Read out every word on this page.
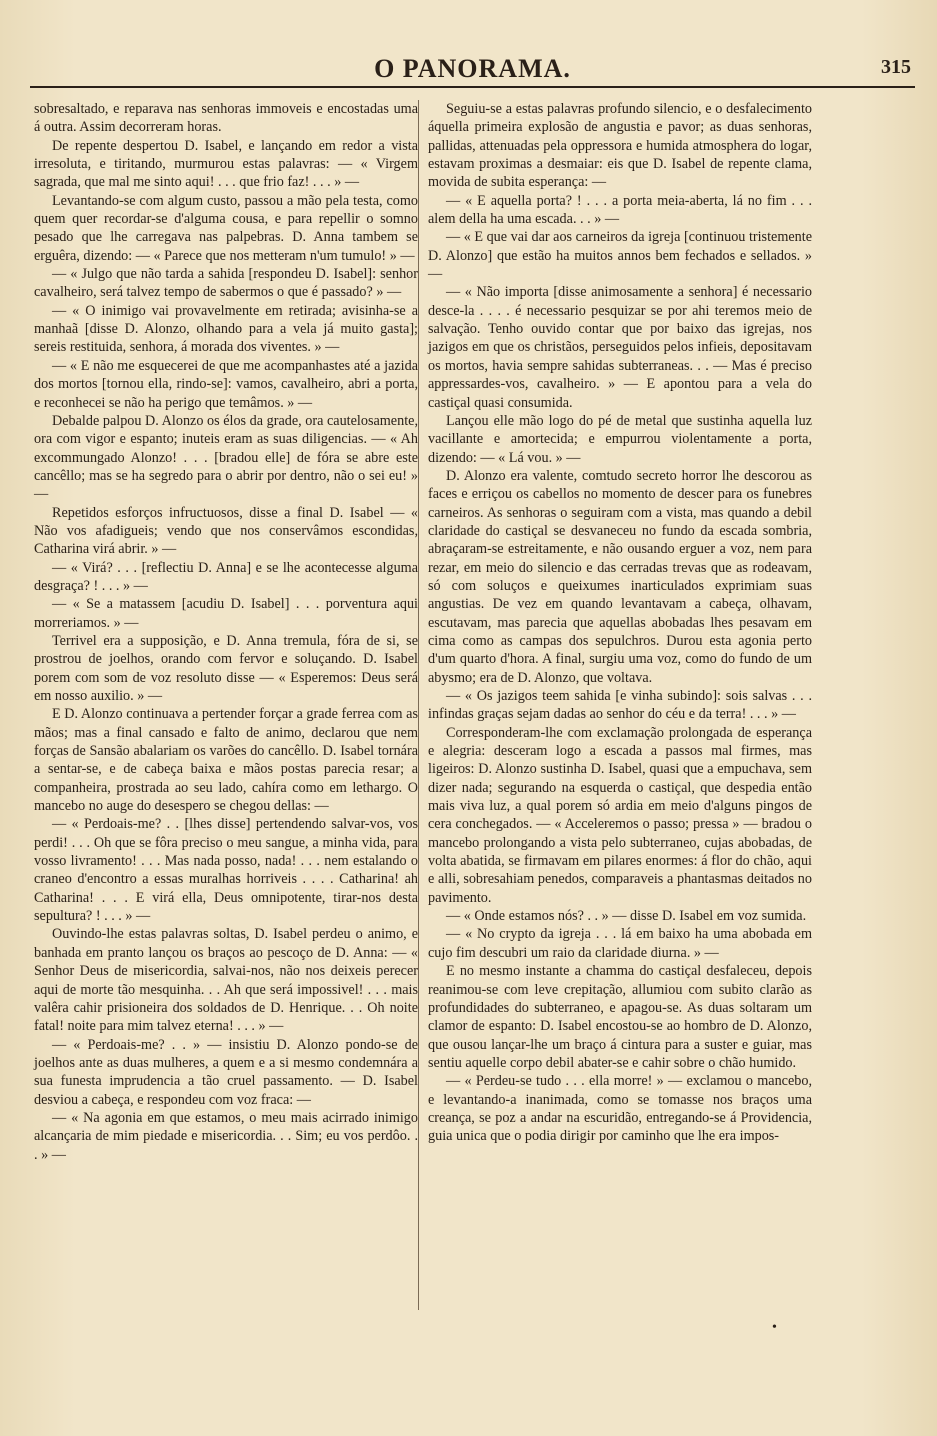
O PANORAMA.	315

sobresaltado, e reparava nas senhoras immoveis e encostadas uma á outra. Assim decorreram horas.

De repente despertou D. Isabel, e lançando em redor a vista irresoluta, e tiritando, murmurou estas palavras: — « Virgem sagrada, que mal me sinto aqui! . . . que frio faz! . . . » —

Levantando-se com algum custo, passou a mão pela testa, como quem quer recordar-se d'alguma cousa, e para repellir o somno pesado que lhe carregava nas palpebras. D. Anna tambem se erguêra, dizendo: — « Parece que nos metteram n'um tumulo! » —

— « Julgo que não tarda a sahida [respondeu D. Isabel]: senhor cavalheiro, será talvez tempo de sabermos o que é passado? » —

— « O inimigo vai provavelmente em retirada; avisinha-se a manhaã [disse D. Alonzo, olhando para a vela já muito gasta]; sereis restituida, senhora, á morada dos viventes. » —

— « E não me esquecerei de que me acompanhastes até a jazida dos mortos [tornou ella, rindo-se]: vamos, cavalheiro, abri a porta, e reconhecei se não ha perigo que temâmos. » —

Debalde palpou D. Alonzo os élos da grade, ora cautelosamente, ora com vigor e espanto; inuteis eram as suas diligencias. — « Ah excommungado Alonzo! . . . [bradou elle] de fóra se abre este cancêllo; mas se ha segredo para o abrir por dentro, não o sei eu! » —

Repetidos esforços infructuosos, disse a final D. Isabel — « Não vos afadigueis; vendo que nos conservâmos escondidas, Catharina virá abrir. » —

— « Virá? . . . [reflectiu D. Anna] e se lhe acontecesse alguma desgraça? ! . . . » —

— « Se a matassem [acudiu D. Isabel] . . . porventura aqui morreriamos. » —

Terrivel era a supposição, e D. Anna tremula, fóra de si, se prostrou de joelhos, orando com fervor e soluçando. D. Isabel porem com som de voz resoluto disse — « Esperemos: Deus será em nosso auxilio. » —

E D. Alonzo continuava a pertender forçar a grade ferrea com as mãos; mas a final cansado e falto de animo, declarou que nem forças de Sansão abalariam os varões do cancêllo. D. Isabel tornára a sentar-se, e de cabeça baixa e mãos postas parecia resar; a companheira, prostrada ao seu lado, cahíra como em lethargo. O mancebo no auge do desespero se chegou dellas: —

— « Perdoais-me? . . [lhes disse] pertendendo salvar-vos, vos perdi! . . . Oh que se fôra preciso o meu sangue, a minha vida, para vosso livramento! . . . Mas nada posso, nada! . . . nem estalando o craneo d'encontro a essas muralhas horriveis . . . . Catharina! ah Catharina! . . . E virá ella, Deus omnipotente, tirar-nos desta sepultura? ! . . . » —

Ouvindo-lhe estas palavras soltas, D. Isabel perdeu o animo, e banhada em pranto lançou os braços ao pescoço de D. Anna: — « Senhor Deus de misericordia, salvai-nos, não nos deixeis perecer aqui de morte tão mesquinha. . . Ah que será impossivel! . . . mais valêra cahir prisioneira dos soldados de D. Henrique. . . Oh noite fatal! noite para mim talvez eterna! . . . » —

— « Perdoais-me? . . » — insistiu D. Alonzo pondo-se de joelhos ante as duas mulheres, a quem e a si mesmo condemnára a sua funesta imprudencia a tão cruel passamento. — D. Isabel desviou a cabeça, e respondeu com voz fraca: —

— « Na agonia em que estamos, o meu mais acirrado inimigo alcançaria de mim piedade e misericordia. . . Sim; eu vos perdôo. . . » —

Seguiu-se a estas palavras profundo silencio, e o desfalecimento áquella primeira explosão de angustia e pavor; as duas senhoras, pallidas, attenuadas pela oppressora e humida atmosphera do logar, estavam proximas a desmaiar: eis que D. Isabel de repente clama, movida de subita esperança: —

— « E aquella porta? ! . . . a porta meia-aberta, lá no fim . . . alem della ha uma escada. . . » —

— « E que vai dar aos carneiros da igreja [continuou tristemente D. Alonzo] que estão ha muitos annos bem fechados e sellados. » —

— « Não importa [disse animosamente a senhora] é necessario desce-la . . . . é necessario pesquizar se por ahi teremos meio de salvação. Tenho ouvido contar que por baixo das igrejas, nos jazigos em que os christãos, perseguidos pelos infieis, depositavam os mortos, havia sempre sahidas subterraneas. . . — Mas é preciso appressardes-vos, cavalheiro. » — E apontou para a vela do castiçal quasi consumida.

Lançou elle mão logo do pé de metal que sustinha aquella luz vacillante e amortecida; e empurrou violentamente a porta, dizendo: — « Lá vou. » —

D. Alonzo era valente, comtudo secreto horror lhe descorou as faces e erriçou os cabellos no momento de descer para os funebres carneiros. As senhoras o seguiram com a vista, mas quando a debil claridade do castiçal se desvaneceu no fundo da escada sombria, abraçaram-se estreitamente, e não ousando erguer a voz, nem para rezar, em meio do silencio e das cerradas trevas que as rodeavam, só com soluços e queixumes inarticulados exprimiam suas angustias. De vez em quando levantavam a cabeça, olhavam, escutavam, mas parecia que aquellas abobadas lhes pesavam em cima como as campas dos sepulchros. Durou esta agonia perto d'um quarto d'hora. A final, surgiu uma voz, como do fundo de um abysmo; era de D. Alonzo, que voltava.

— « Os jazigos teem sahida [e vinha subindo]: sois salvas . . . infindas graças sejam dadas ao senhor do céu e da terra! . . . » —

Corresponderam-lhe com exclamação prolongada de esperança e alegria: desceram logo a escada a passos mal firmes, mas ligeiros: D. Alonzo sustinha D. Isabel, quasi que a empuchava, sem dizer nada; segurando na esquerda o castiçal, que despedia então mais viva luz, a qual porem só ardia em meio d'alguns pingos de cera conchegados. — « Acceleremos o passo; pressa » — bradou o mancebo prolongando a vista pelo subterraneo, cujas abobadas, de volta abatida, se firmavam em pilares enormes: á flor do chão, aqui e alli, sobresahiam penedos, comparaveis a phantasmas deitados no pavimento.

— « Onde estamos nós? . . » — disse D. Isabel em voz sumida.

— « No crypto da igreja . . . lá em baixo ha uma abobada em cujo fim descubri um raio da claridade diurna. » —

E no mesmo instante a chamma do castiçal desfaleceu, depois reanimou-se com leve crepitação, allumiou com subito clarão as profundidades do subterraneo, e apagou-se. As duas soltaram um clamor de espanto: D. Isabel encostou-se ao hombro de D. Alonzo, que ousou lançar-lhe um braço á cintura para a suster e guiar, mas sentiu aquelle corpo debil abater-se e cahir sobre o chão humido.

— « Perdeu-se tudo . . . ella morre! » — exclamou o mancebo, e levantando-a inanimada, como se tomasse nos braços uma creança, se poz a andar na escuridão, entregando-se á Providencia, guia unica que o podia dirigir por caminho que lhe era impos-

•
